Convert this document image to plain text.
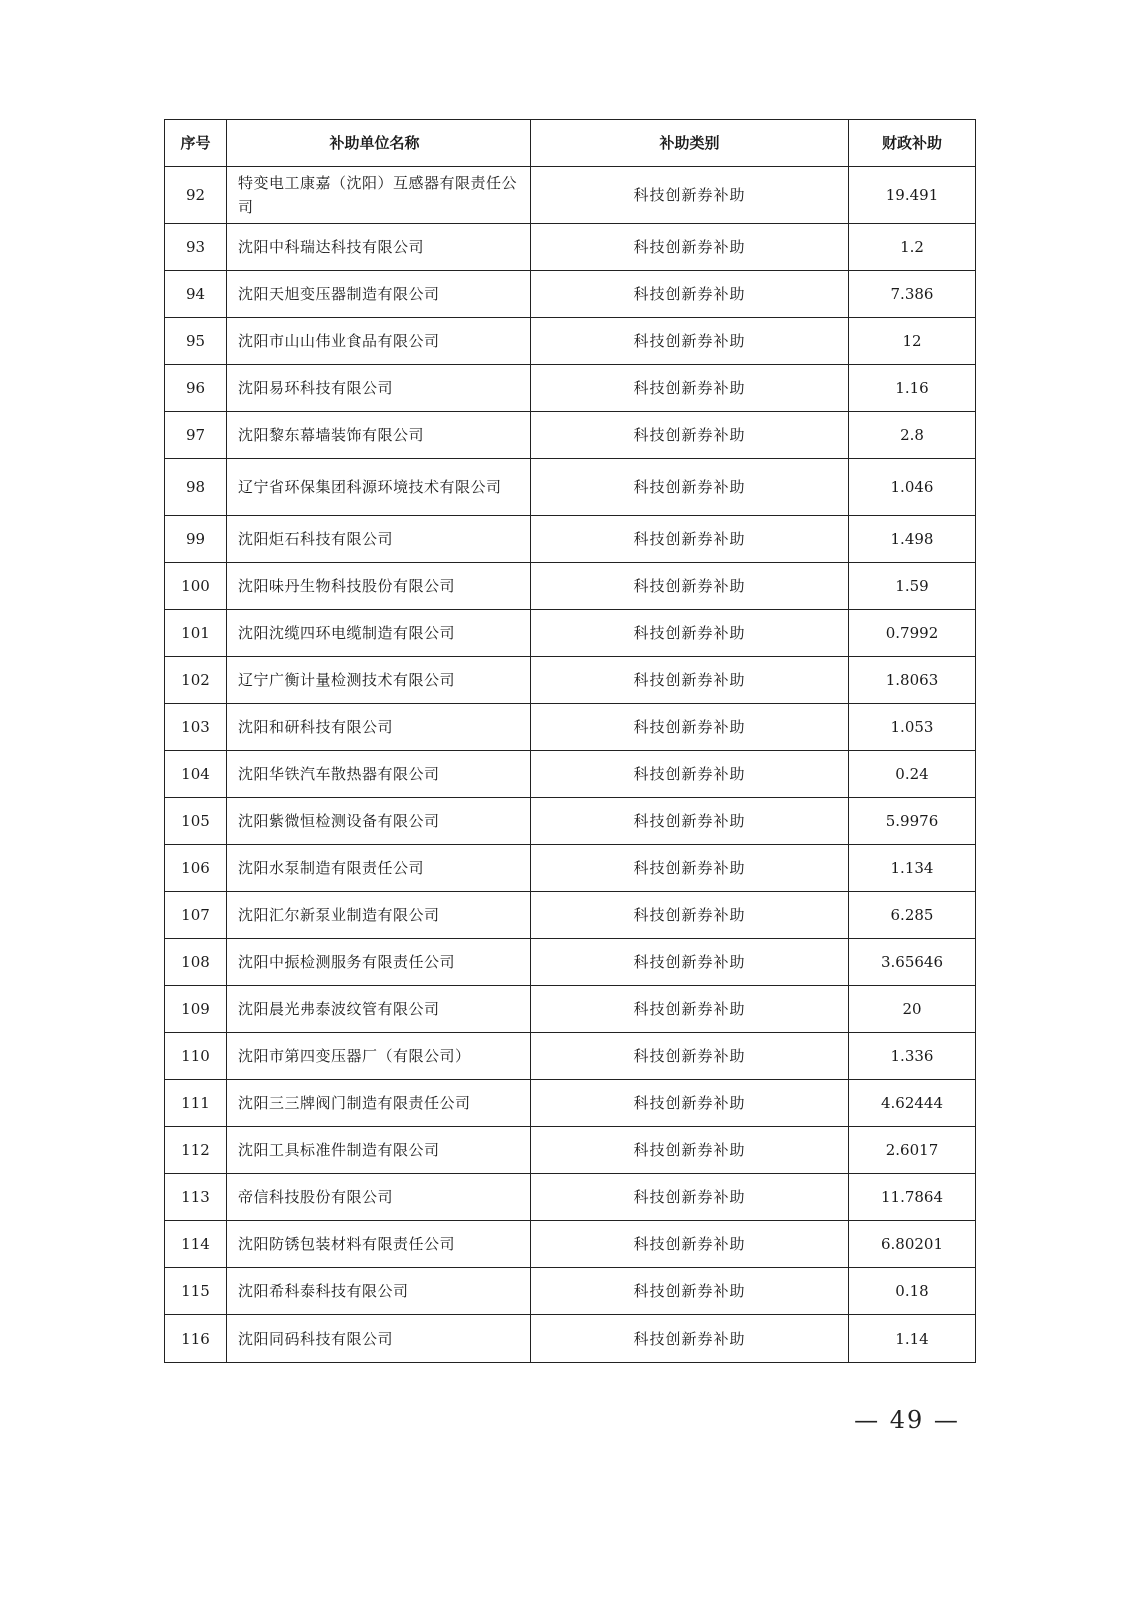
序号	补助单位名称	补助类别	财政补助
92	特变电工康嘉（沈阳）互感器有限责任公司	科技创新券补助	19.491
93	沈阳中科瑞达科技有限公司	科技创新券补助	1.2
94	沈阳天旭变压器制造有限公司	科技创新券补助	7.386
95	沈阳市山山伟业食品有限公司	科技创新券补助	12
96	沈阳易环科技有限公司	科技创新券补助	1.16
97	沈阳黎东幕墙装饰有限公司	科技创新券补助	2.8
98	辽宁省环保集团科源环境技术有限公司	科技创新券补助	1.046
99	沈阳炬石科技有限公司	科技创新券补助	1.498
100	沈阳味丹生物科技股份有限公司	科技创新券补助	1.59
101	沈阳沈缆四环电缆制造有限公司	科技创新券补助	0.7992
102	辽宁广衡计量检测技术有限公司	科技创新券补助	1.8063
103	沈阳和研科技有限公司	科技创新券补助	1.053
104	沈阳华铁汽车散热器有限公司	科技创新券补助	0.24
105	沈阳紫微恒检测设备有限公司	科技创新券补助	5.9976
106	沈阳水泵制造有限责任公司	科技创新券补助	1.134
107	沈阳汇尔新泵业制造有限公司	科技创新券补助	6.285
108	沈阳中振检测服务有限责任公司	科技创新券补助	3.65646
109	沈阳晨光弗泰波纹管有限公司	科技创新券补助	20
110	沈阳市第四变压器厂（有限公司）	科技创新券补助	1.336
111	沈阳三三牌阀门制造有限责任公司	科技创新券补助	4.62444
112	沈阳工具标准件制造有限公司	科技创新券补助	2.6017
113	帝信科技股份有限公司	科技创新券补助	11.7864
114	沈阳防锈包装材料有限责任公司	科技创新券补助	6.80201
115	沈阳希科泰科技有限公司	科技创新券补助	0.18
116	沈阳同码科技有限公司	科技创新券补助	1.14
— 49 —
